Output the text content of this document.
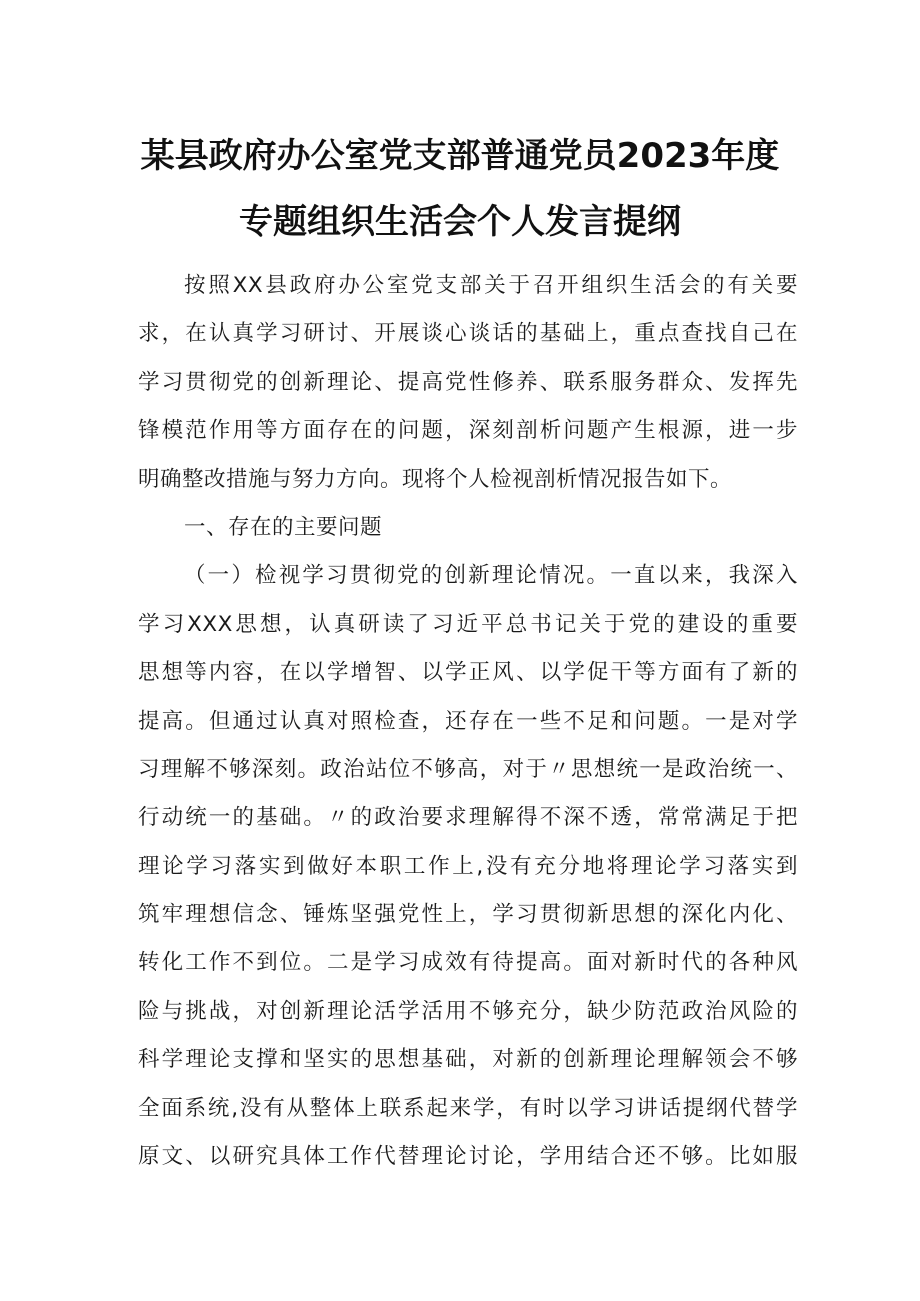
某县政府办公室党支部普通党员2023年度
专题组织生活会个人发言提纲
按照XX县政府办公室党支部关于召开组织生活会的有关要
求，在认真学习研讨、开展谈心谈话的基础上，重点查找自己在
学习贯彻党的创新理论、提高党性修养、联系服务群众、发挥先
锋模范作用等方面存在的问题，深刻剖析问题产生根源，进一步
明确整改措施与努力方向。现将个人检视剖析情况报告如下。
一、存在的主要问题
（一）检视学习贯彻党的创新理论情况。一直以来，我深入
学习XXX思想，认真研读了习近平总书记关于党的建设的重要
思想等内容，在以学增智、以学正风、以学促干等方面有了新的
提高。但通过认真对照检查，还存在一些不足和问题。一是对学
习理解不够深刻。政治站位不够高，对于〃思想统一是政治统一、
行动统一的基础。〃的政治要求理解得不深不透，常常满足于把
理论学习落实到做好本职工作上,没有充分地将理论学习落实到
筑牢理想信念、锤炼坚强党性上，学习贯彻新思想的深化内化、
转化工作不到位。二是学习成效有待提高。面对新时代的各种风
险与挑战，对创新理论活学活用不够充分，缺少防范政治风险的
科学理论支撑和坚实的思想基础，对新的创新理论理解领会不够
全面系统,没有从整体上联系起来学，有时以学习讲话提纲代替学
原文、以研究具体工作代替理论讨论，学用结合还不够。比如服
